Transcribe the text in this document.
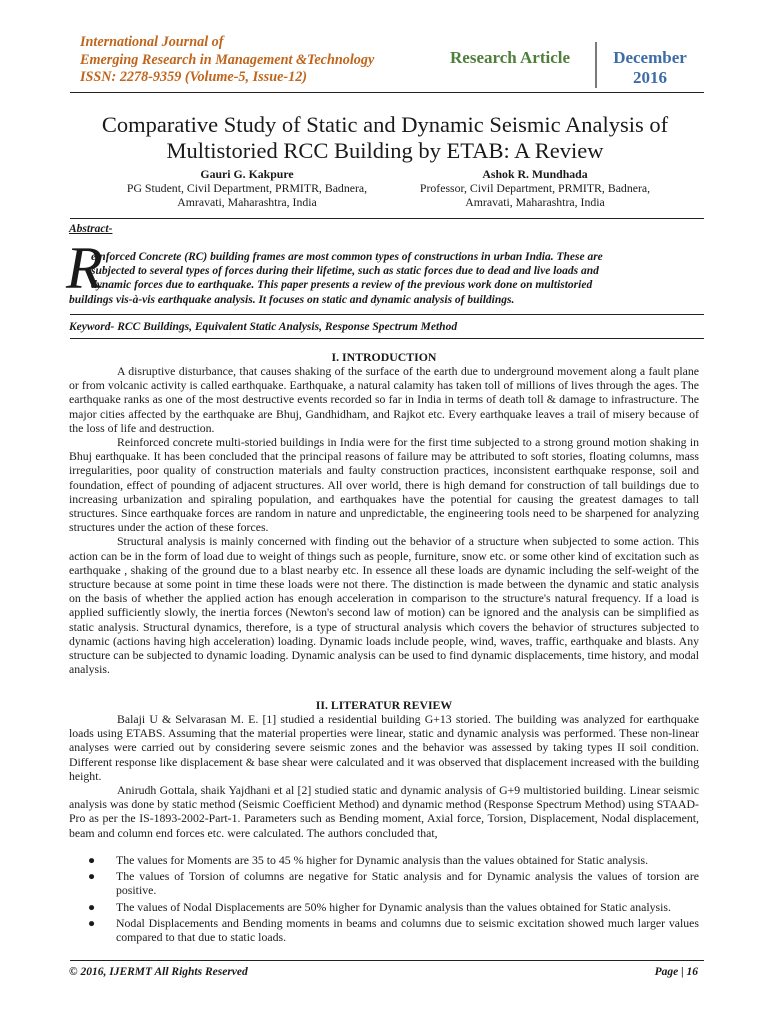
International Journal of
Emerging Research in Management &Technology
ISSN: 2278-9359 (Volume-5, Issue-12)
Research Article	December
2016
Comparative Study of Static and Dynamic Seismic Analysis of
Multistoried RCC Building by ETAB: A Review
Gauri G. Kakpure
PG Student, Civil Department, PRMITR, Badnera,
Amravati, Maharashtra, India
Ashok R. Mundhada
Professor, Civil Department, PRMITR, Badnera,
Amravati, Maharashtra, India
Abstract-
R

einforced Concrete (RC) building frames are most common types of constructions in urban India. These are

subjected to several types of forces during their lifetime, such as static forces due to dead and live loads and

dynamic forces due to earthquake. This paper presents a review of the previous work done on multistoried

buildings vis-à-vis earthquake analysis. It focuses on static and dynamic analysis of buildings.

Keyword- RCC Buildings, Equivalent Static Analysis, Response Spectrum Method
I. INTRODUCTION

A disruptive disturbance, that causes shaking of the surface of the earth due to underground movement along a fault plane or from volcanic activity is called earthquake. Earthquake, a natural calamity has taken toll of millions of lives through the ages. The earthquake ranks as one of the most destructive events recorded so far in India in terms of death toll & damage to infrastructure. The major cities affected by the earthquake are Bhuj, Gandhidham, and Rajkot etc. Every earthquake leaves a trail of misery because of the loss of life and destruction.

Reinforced concrete multi-storied buildings in India were for the first time subjected to a strong ground motion shaking in Bhuj earthquake. It has been concluded that the principal reasons of failure may be attributed to soft stories, floating columns, mass irregularities, poor quality of construction materials and faulty construction practices, inconsistent earthquake response, soil and foundation, effect of pounding of adjacent structures. All over world, there is high demand for construction of tall buildings due to increasing urbanization and spiraling population, and earthquakes have the potential for causing the greatest damages to tall structures. Since earthquake forces are random in nature and unpredictable, the engineering tools need to be sharpened for analyzing structures under the action of these forces.

Structural analysis is mainly concerned with finding out the behavior of a structure when subjected to some action. This action can be in the form of load due to weight of things such as people, furniture, snow etc. or some other kind of excitation such as earthquake , shaking of the ground due to a blast nearby etc. In essence all these loads are dynamic including the self-weight of the structure because at some point in time these loads were not there. The distinction is made between the dynamic and static analysis on the basis of whether the applied action has enough acceleration in comparison to the structure's natural frequency. If a load is applied sufficiently slowly, the inertia forces (Newton's second law of motion) can be ignored and the analysis can be simplified as static analysis. Structural dynamics, therefore, is a type of structural analysis which covers the behavior of structures subjected to dynamic (actions having high acceleration) loading. Dynamic loads include people, wind, waves, traffic, earthquake and blasts. Any structure can be subjected to dynamic loading. Dynamic analysis can be used to find dynamic displacements, time history, and modal analysis.

II. LITERATUR REVIEW

Balaji U & Selvarasan M. E. [1] studied a residential building G+13 storied. The building was analyzed for earthquake loads using ETABS. Assuming that the material properties were linear, static and dynamic analysis was performed. These non-linear analyses were carried out by considering severe seismic zones and the behavior was assessed by taking types II soil condition. Different response like displacement & base shear were calculated and it was observed that displacement increased with the building height.

Anirudh Gottala, shaik Yajdhani et al [2] studied static and dynamic analysis of G+9 multistoried building. Linear seismic analysis was done by static method (Seismic Coefficient Method) and dynamic method (Response Spectrum Method) using STAAD-Pro as per the IS-1893-2002-Part-1. Parameters such as Bending moment, Axial force, Torsion, Displacement, Nodal displacement, beam and column end forces etc. were calculated. The authors concluded that,

● The values for Moments are 35 to 45 % higher for Dynamic analysis than the values obtained for Static analysis.
● The values of Torsion of columns are negative for Static analysis and for Dynamic analysis the values of torsion are positive.
● The values of Nodal Displacements are 50% higher for Dynamic analysis than the values obtained for Static analysis.
● Nodal Displacements and Bending moments in beams and columns due to seismic excitation showed much larger values compared to that due to static loads.
© 2016, IJERMT All Rights Reserved	Page | 16
